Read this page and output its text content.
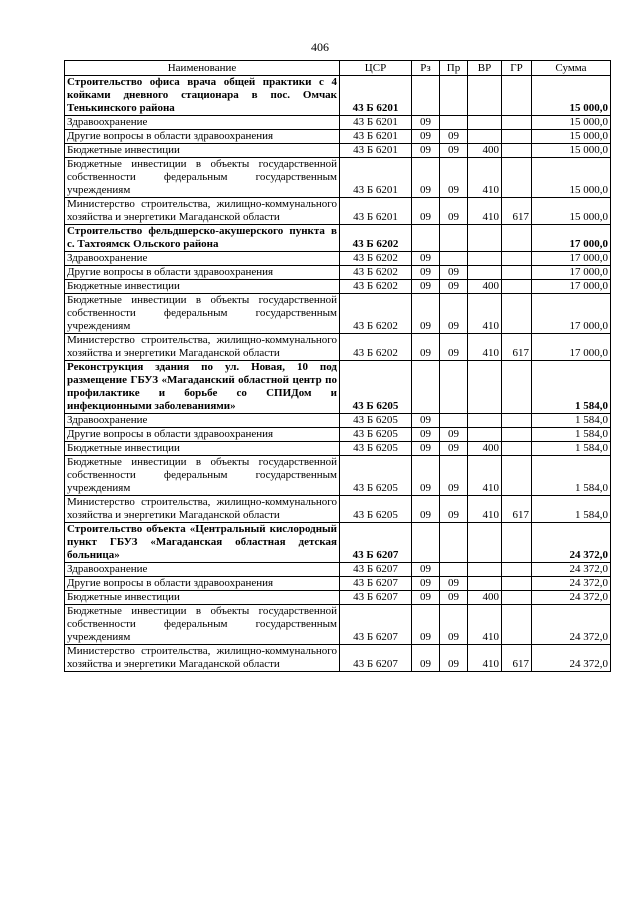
406
Наименование	ЦСР	Рз	Пр	ВР	ГР	Сумма
Строительство офиса врача общей практики с 4 койками дневного стационара в пос. Омчак Тенькинского района	43 Б 6201					15 000,0
Здравоохранение	43 Б 6201	09				15 000,0
Другие вопросы в области здравоохранения	43 Б 6201	09	09			15 000,0
Бюджетные инвестиции	43 Б 6201	09	09	400		15 000,0
Бюджетные инвестиции в объекты государственной собственности федеральным государственным учреждениям	43 Б 6201	09	09	410		15 000,0
Министерство строительства, жилищно-коммунального хозяйства и энергетики Магаданской области	43 Б 6201	09	09	410	617	15 000,0
Строительство фельдшерско-акушерского пункта в с. Тахтоямск Ольского района	43 Б 6202					17 000,0
Здравоохранение	43 Б 6202	09				17 000,0
Другие вопросы в области здравоохранения	43 Б 6202	09	09			17 000,0
Бюджетные инвестиции	43 Б 6202	09	09	400		17 000,0
Бюджетные инвестиции в объекты государственной собственности федеральным государственным учреждениям	43 Б 6202	09	09	410		17 000,0
Министерство строительства, жилищно-коммунального хозяйства и энергетики Магаданской области	43 Б 6202	09	09	410	617	17 000,0
Реконструкция здания по ул. Новая, 10 под размещение ГБУЗ «Магаданский областной центр по профилактике и борьбе со СПИДом и инфекционными заболеваниями»	43 Б 6205					1 584,0
Здравоохранение	43 Б 6205	09				1 584,0
Другие вопросы в области здравоохранения	43 Б 6205	09	09			1 584,0
Бюджетные инвестиции	43 Б 6205	09	09	400		1 584,0
Бюджетные инвестиции в объекты государственной собственности федеральным государственным учреждениям	43 Б 6205	09	09	410		1 584,0
Министерство строительства, жилищно-коммунального хозяйства и энергетики Магаданской области	43 Б 6205	09	09	410	617	1 584,0
Строительство объекта «Центральный кислородный пункт ГБУЗ «Магаданская областная детская больница»	43 Б 6207					24 372,0
Здравоохранение	43 Б 6207	09				24 372,0
Другие вопросы в области здравоохранения	43 Б 6207	09	09			24 372,0
Бюджетные инвестиции	43 Б 6207	09	09	400		24 372,0
Бюджетные инвестиции в объекты государственной собственности федеральным государственным учреждениям	43 Б 6207	09	09	410		24 372,0
Министерство строительства, жилищно-коммунального хозяйства и энергетики Магаданской области	43 Б 6207	09	09	410	617	24 372,0
